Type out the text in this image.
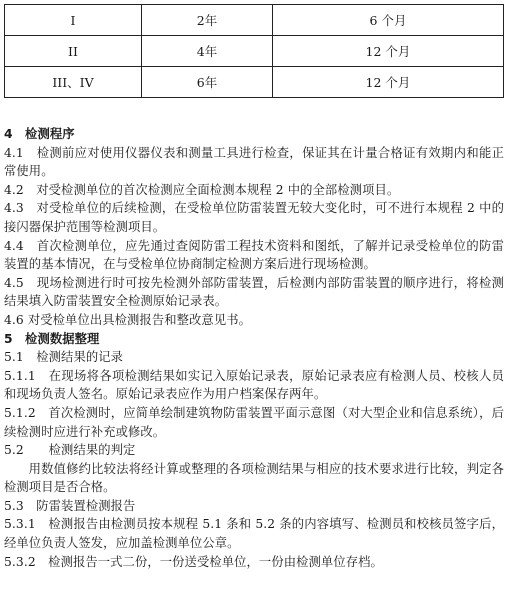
I	2年	6 个月
II	4年	12 个月
III、IV	6年	12 个月

4　检测程序

4.1　检测前应对使用仪器仪表和测量工具进行检查，保证其在计量合格证有效期内和能正常使用。

4.2　对受检测单位的首次检测应全面检测本规程 2 中的全部检测项目。

4.3　对受检单位的后续检测，在受检单位防雷装置无较大变化时，可不进行本规程 2 中的接闪器保护范围等检测项目。

4.4　首次检测单位，应先通过查阅防雷工程技术资料和图纸，了解并记录受检单位的防雷装置的基本情况，在与受检单位协商制定检测方案后进行现场检测。

4.5　现场检测进行时可按先检测外部防雷装置，后检测内部防雷装置的顺序进行，将检测结果填入防雷装置安全检测原始记录表。

4.6 对受检单位出具检测报告和整改意见书。

5　检测数据整理

5.1　检测结果的记录

5.1.1　在现场将各项检测结果如实记入原始记录表，原始记录表应有检测人员、校核人员和现场负责人签名。原始记录表应作为用户档案保存两年。

5.1.2　首次检测时，应简单绘制建筑物防雷装置平面示意图（对大型企业和信息系统），后续检测时应进行补充或修改。

5.2　　检测结果的判定

用数值修约比较法将经计算或整理的各项检测结果与相应的技术要求进行比较，判定各检测项目是否合格。

5.3　防雷装置检测报告

5.3.1　检测报告由检测员按本规程 5.1 条和 5.2 条的内容填写、检测员和校核员签字后，经单位负责人签发，应加盖检测单位公章。

5.3.2　检测报告一式二份，一份送受检单位，一份由检测单位存档。
